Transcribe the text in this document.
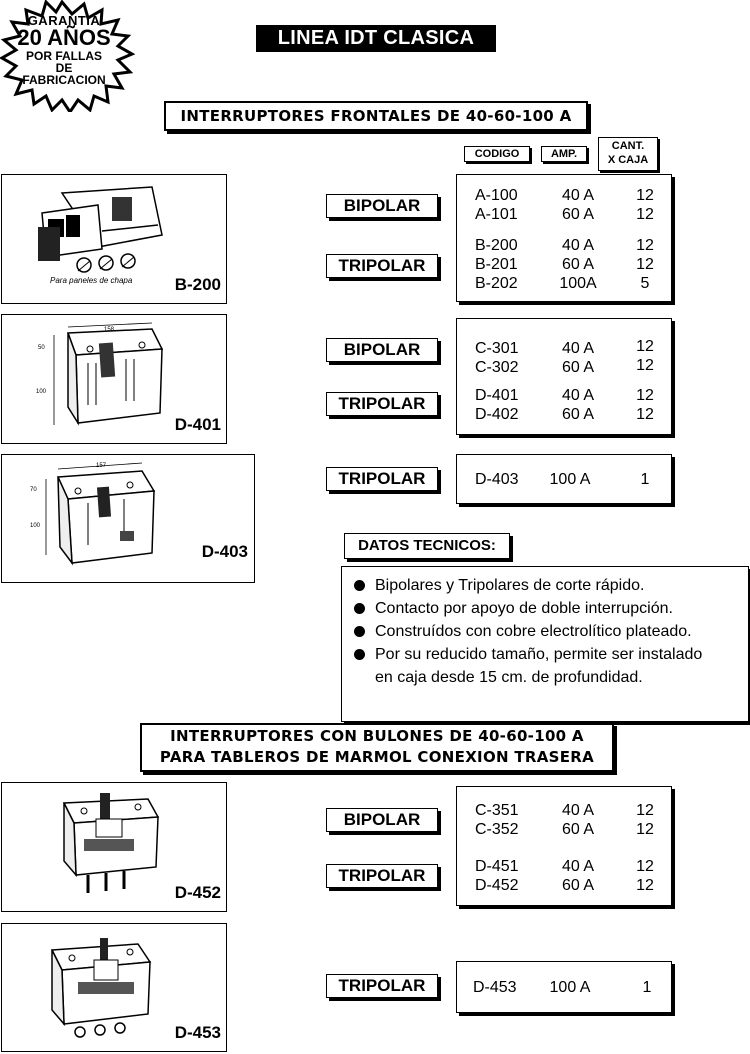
GARANTIA
20 AÑOS
POR FALLAS
DE
FABRICACION
LINEA IDT CLASICA
INTERRUPTORES FRONTALES DE 40-60-100 A
CODIGO	AMP.
CANT.
X CAJA
Para paneles de chapa B-200
BIPOLAR
TRIPOLAR
A-100	40 A	12
A-101	60 A	12
B-200	40 A	12
B-201	60 A	12
B-202	100A	5
158
50
100
D-401
BIPOLAR
TRIPOLAR
C-301	40 A	12
C-302	60 A	12
D-401	40 A	12
D-402	60 A	12
157
70
100
D-403
TRIPOLAR	D-403	100 A	1
DATOS TECNICOS:
Bipolares y Tripolares de corte rápido.
Contacto por apoyo de doble interrupción.
Construídos con cobre electrolítico plateado.
Por su reducido tamaño, permite ser instalado
en caja desde 15 cm. de profundidad.
INTERRUPTORES CON BULONES DE 40-60-100 A
PARA TABLEROS DE MARMOL CONEXION TRASERA
D-452
BIPOLAR
TRIPOLAR
C-351	40 A	12
C-352	60 A	12
D-451	40 A	12
D-452	60 A	12
D-453
TRIPOLAR	D-453	100 A	1
